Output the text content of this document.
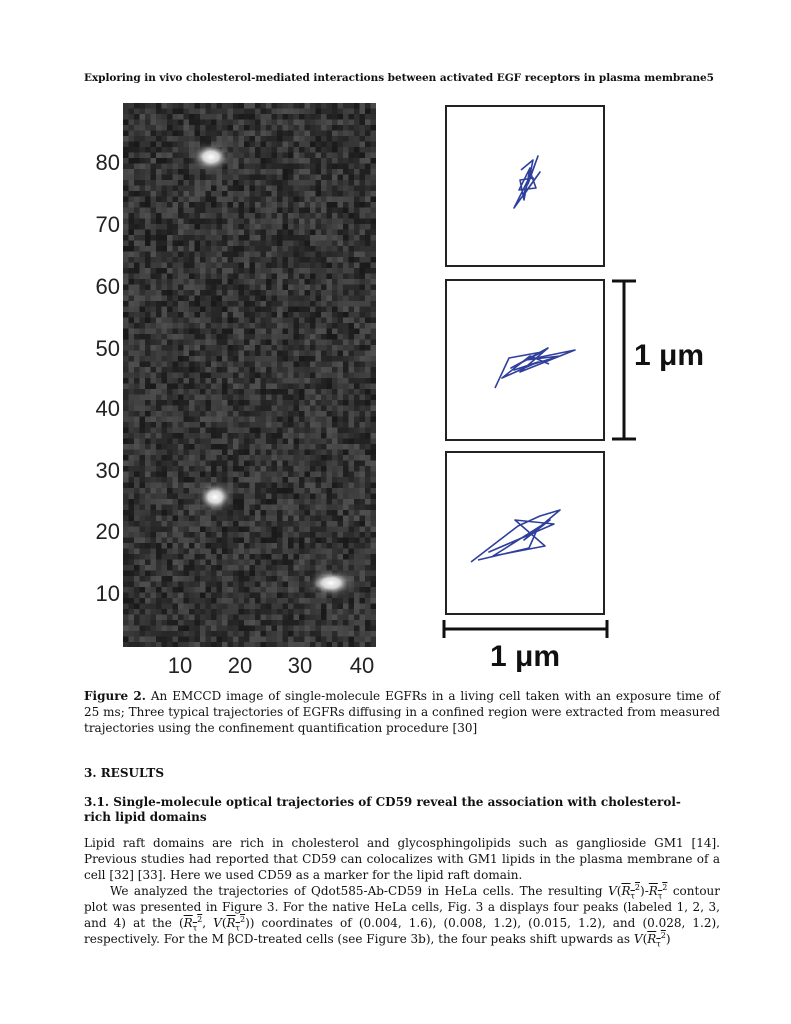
Exploring in vivo cholesterol-mediated interactions between activated EGF receptors in plasma membrane5
80
70
60
50
40
30
20
10
10 20 30 40
1 μm
1 μm
Figure 2. An EMCCD image of single-molecule EGFRs in a living cell taken with an exposure time of 25 ms; Three typical trajectories of EGFRs diffusing in a confined region were extracted from measured trajectories using the confinement quantification procedure [30]
3. RESULTS
3.1. Single-molecule optical trajectories of CD59 reveal the association with cholesterol-rich lipid domains
Lipid raft domains are rich in cholesterol and glycosphingolipids such as ganglioside GM1 [14]. Previous studies had reported that CD59 can colocalizes with GM1 lipids in the plasma membrane of a cell [32] [33]. Here we used CD59 as a marker for the lipid raft domain.
We analyzed the trajectories of Qdot585-Ab-CD59 in HeLa cells. The resulting $V(R_\tau^2)-R_\tau^2$ contour plot was presented in Figure 3. For the native HeLa cells, Fig. 3 a displays four peaks (labeled 1, 2, 3, and 4) at the ($R_\tau^2$, $V(R_\tau^2)$) coordinates of (0.004, 1.6), (0.008, 1.2), (0.015, 1.2), and (0.028, 1.2), respectively. For the M βCD-treated cells (see Figure 3b), the four peaks shift upwards as $V(R_\tau^2)$
